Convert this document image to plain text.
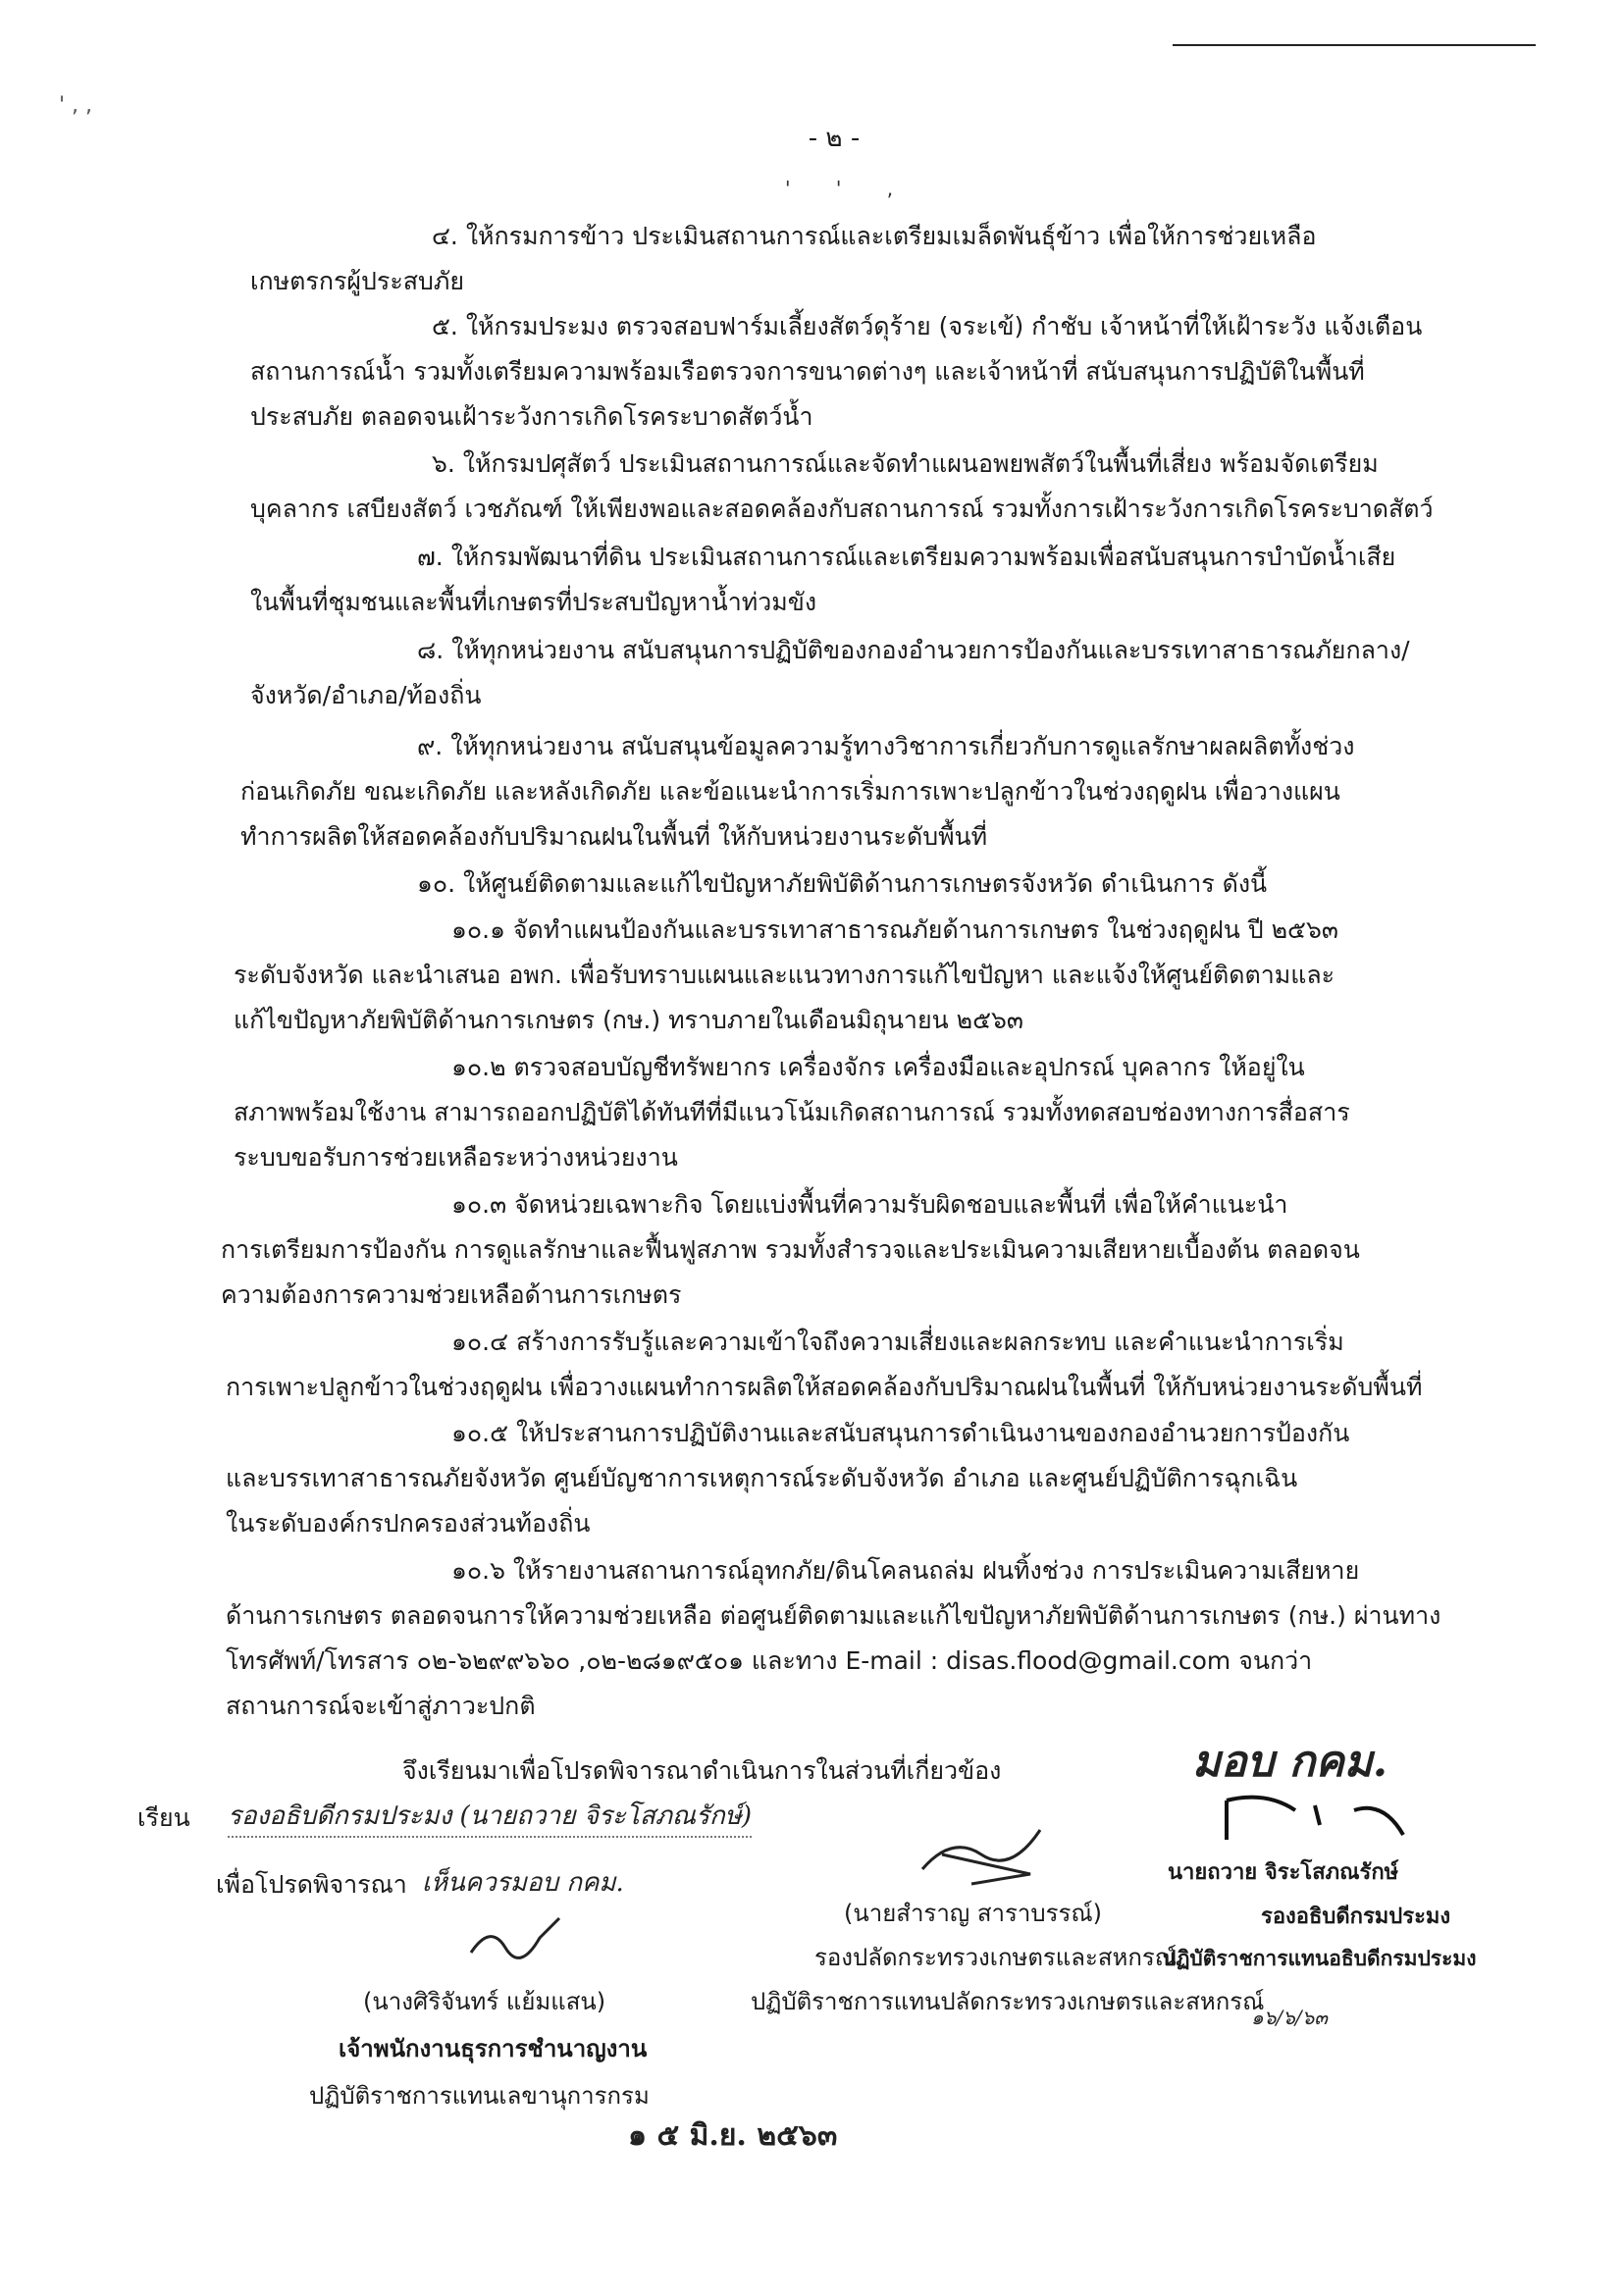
' , ,
- ๒ -
' ' ,
๔. ให้กรมการข้าว ประเมินสถานการณ์และเตรียมเมล็ดพันธุ์ข้าว เพื่อให้การช่วยเหลือ
เกษตรกรผู้ประสบภัย
๕. ให้กรมประมง ตรวจสอบฟาร์มเลี้ยงสัตว์ดุร้าย (จระเข้) กำชับ เจ้าหน้าที่ให้เฝ้าระวัง แจ้งเตือน
สถานการณ์น้ำ รวมทั้งเตรียมความพร้อมเรือตรวจการขนาดต่างๆ และเจ้าหน้าที่ สนับสนุนการปฏิบัติในพื้นที่
ประสบภัย ตลอดจนเฝ้าระวังการเกิดโรคระบาดสัตว์น้ำ
๖. ให้กรมปศุสัตว์ ประเมินสถานการณ์และจัดทำแผนอพยพสัตว์ในพื้นที่เสี่ยง พร้อมจัดเตรียม
บุคลากร เสบียงสัตว์ เวชภัณฑ์ ให้เพียงพอและสอดคล้องกับสถานการณ์ รวมทั้งการเฝ้าระวังการเกิดโรคระบาดสัตว์
๗. ให้กรมพัฒนาที่ดิน ประเมินสถานการณ์และเตรียมความพร้อมเพื่อสนับสนุนการบำบัดน้ำเสีย
ในพื้นที่ชุมชนและพื้นที่เกษตรที่ประสบปัญหาน้ำท่วมขัง
๘. ให้ทุกหน่วยงาน สนับสนุนการปฏิบัติของกองอำนวยการป้องกันและบรรเทาสาธารณภัยกลาง/
จังหวัด/อำเภอ/ท้องถิ่น
๙. ให้ทุกหน่วยงาน สนับสนุนข้อมูลความรู้ทางวิชาการเกี่ยวกับการดูแลรักษาผลผลิตทั้งช่วง
ก่อนเกิดภัย ขณะเกิดภัย และหลังเกิดภัย และข้อแนะนำการเริ่มการเพาะปลูกข้าวในช่วงฤดูฝน เพื่อวางแผน
ทำการผลิตให้สอดคล้องกับปริมาณฝนในพื้นที่ ให้กับหน่วยงานระดับพื้นที่
๑๐. ให้ศูนย์ติดตามและแก้ไขปัญหาภัยพิบัติด้านการเกษตรจังหวัด ดำเนินการ ดังนี้
๑๐.๑ จัดทำแผนป้องกันและบรรเทาสาธารณภัยด้านการเกษตร ในช่วงฤดูฝน ปี ๒๕๖๓
ระดับจังหวัด และนำเสนอ อพก. เพื่อรับทราบแผนและแนวทางการแก้ไขปัญหา และแจ้งให้ศูนย์ติดตามและ
แก้ไขปัญหาภัยพิบัติด้านการเกษตร (กษ.) ทราบภายในเดือนมิถุนายน ๒๕๖๓
๑๐.๒ ตรวจสอบบัญชีทรัพยากร เครื่องจักร เครื่องมือและอุปกรณ์ บุคลากร ให้อยู่ใน
สภาพพร้อมใช้งาน สามารถออกปฏิบัติได้ทันทีที่มีแนวโน้มเกิดสถานการณ์ รวมทั้งทดสอบช่องทางการสื่อสาร
ระบบขอรับการช่วยเหลือระหว่างหน่วยงาน
๑๐.๓ จัดหน่วยเฉพาะกิจ โดยแบ่งพื้นที่ความรับผิดชอบและพื้นที่ เพื่อให้คำแนะนำ
การเตรียมการป้องกัน การดูแลรักษาและฟื้นฟูสภาพ รวมทั้งสำรวจและประเมินความเสียหายเบื้องต้น ตลอดจน
ความต้องการความช่วยเหลือด้านการเกษตร
๑๐.๔ สร้างการรับรู้และความเข้าใจถึงความเสี่ยงและผลกระทบ และคำแนะนำการเริ่ม
การเพาะปลูกข้าวในช่วงฤดูฝน เพื่อวางแผนทำการผลิตให้สอดคล้องกับปริมาณฝนในพื้นที่ ให้กับหน่วยงานระดับพื้นที่
๑๐.๕ ให้ประสานการปฏิบัติงานและสนับสนุนการดำเนินงานของกองอำนวยการป้องกัน
และบรรเทาสาธารณภัยจังหวัด ศูนย์บัญชาการเหตุการณ์ระดับจังหวัด อำเภอ และศูนย์ปฏิบัติการฉุกเฉิน
ในระดับองค์กรปกครองส่วนท้องถิ่น
๑๐.๖ ให้รายงานสถานการณ์อุทกภัย/ดินโคลนถล่ม ฝนทิ้งช่วง การประเมินความเสียหาย
ด้านการเกษตร ตลอดจนการให้ความช่วยเหลือ ต่อศูนย์ติดตามและแก้ไขปัญหาภัยพิบัติด้านการเกษตร (กษ.) ผ่านทาง
โทรศัพท์/โทรสาร ๐๒-๖๒๙๙๖๖๐ ,๐๒-๒๘๑๙๕๐๑ และทาง E-mail : disas.flood@gmail.com จนกว่า
สถานการณ์จะเข้าสู่ภาวะปกติ
จึงเรียนมาเพื่อโปรดพิจารณาดำเนินการในส่วนที่เกี่ยวข้อง	มอบ กคม.
เรียน รองอธิบดีกรมประมง (นายถวาย จิระโสภณรักษ์)
เพื่อโปรดพิจารณา เห็นควรมอบ กคม.
(นายสำราญ สาราบรรณ์)
รองปลัดกระทรวงเกษตรและสหกรณ์
ปฏิบัติราชการแทนปลัดกระทรวงเกษตรและสหกรณ์
นายถวาย จิระโสภณรักษ์
รองอธิบดีกรมประมง
ปฏิบัติราชการแทนอธิบดีกรมประมง
๑๖/๖/๖๓
(นางศิริจันทร์ แย้มแสน)
เจ้าพนักงานธุรการชำนาญงาน
ปฏิบัติราชการแทนเลขานุการกรม
๑ ๕ มิ.ย. ๒๕๖๓
